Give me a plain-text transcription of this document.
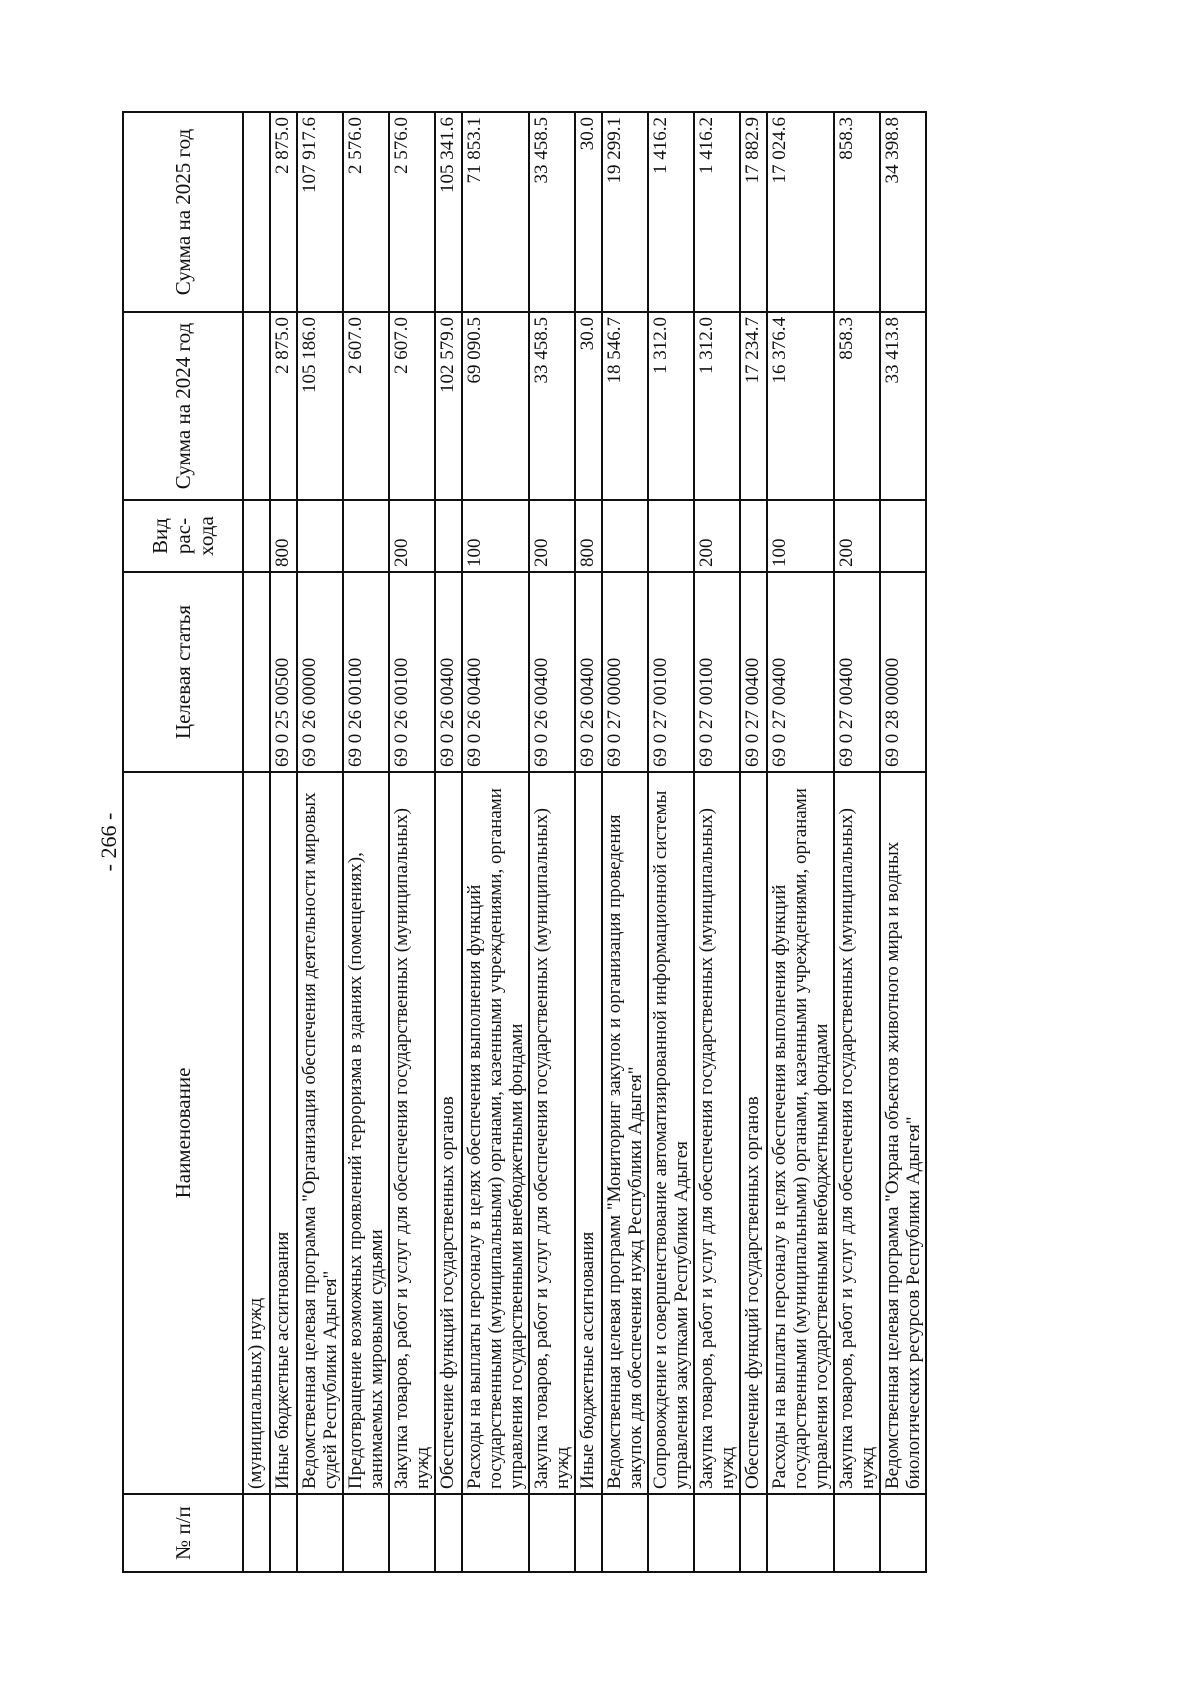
- 266 -
№ п/п	Наименование	Целевая статья	Вид рас-хода	Сумма на 2024 год	Сумма на 2025 год
	(муниципальных) нужд				
	Иные бюджетные ассигнования	69 0 25 00500	800	2 875.0	2 875.0
	Ведомственная целевая программа "Организация обеспечения деятельности мировых судей Республики Адыгея"	69 0 26 00000		105 186.0	107 917.6
	Предотвращение возможных проявлений терроризма в зданиях (помещениях), занимаемых мировыми судьями	69 0 26 00100		2 607.0	2 576.0
	Закупка товаров, работ и услуг для обеспечения государственных (муниципальных) нужд	69 0 26 00100	200	2 607.0	2 576.0
	Обеспечение функций государственных органов	69 0 26 00400		102 579.0	105 341.6
	Расходы на выплаты персоналу в целях обеспечения выполнения функций государственными (муниципальными) органами, казенными учреждениями, органами управления государственными внебюджетными фондами	69 0 26 00400	100	69 090.5	71 853.1
	Закупка товаров, работ и услуг для обеспечения государственных (муниципальных) нужд	69 0 26 00400	200	33 458.5	33 458.5
	Иные бюджетные ассигнования	69 0 26 00400	800	30.0	30.0
	Ведомственная целевая программ "Мониторинг закупок и организация проведения закупок для обеспечения нужд Республики Адыгея"	69 0 27 00000		18 546.7	19 299.1
	Сопровождение и совершенствование автоматизированной информационной системы управления закупками Республики Адыгея	69 0 27 00100		1 312.0	1 416.2
	Закупка товаров, работ и услуг для обеспечения государственных (муниципальных) нужд	69 0 27 00100	200	1 312.0	1 416.2
	Обеспечение функций государственных органов	69 0 27 00400		17 234.7	17 882.9
	Расходы на выплаты персоналу в целях обеспечения выполнения функций государственными (муниципальными) органами, казенными учреждениями, органами управления государственными внебюджетными фондами	69 0 27 00400	100	16 376.4	17 024.6
	Закупка товаров, работ и услуг для обеспечения государственных (муниципальных) нужд	69 0 27 00400	200	858.3	858.3
	Ведомственная целевая программа "Охрана объектов животного мира и водных биологических ресурсов Республики Адыгея"	69 0 28 00000		33 413.8	34 398.8
